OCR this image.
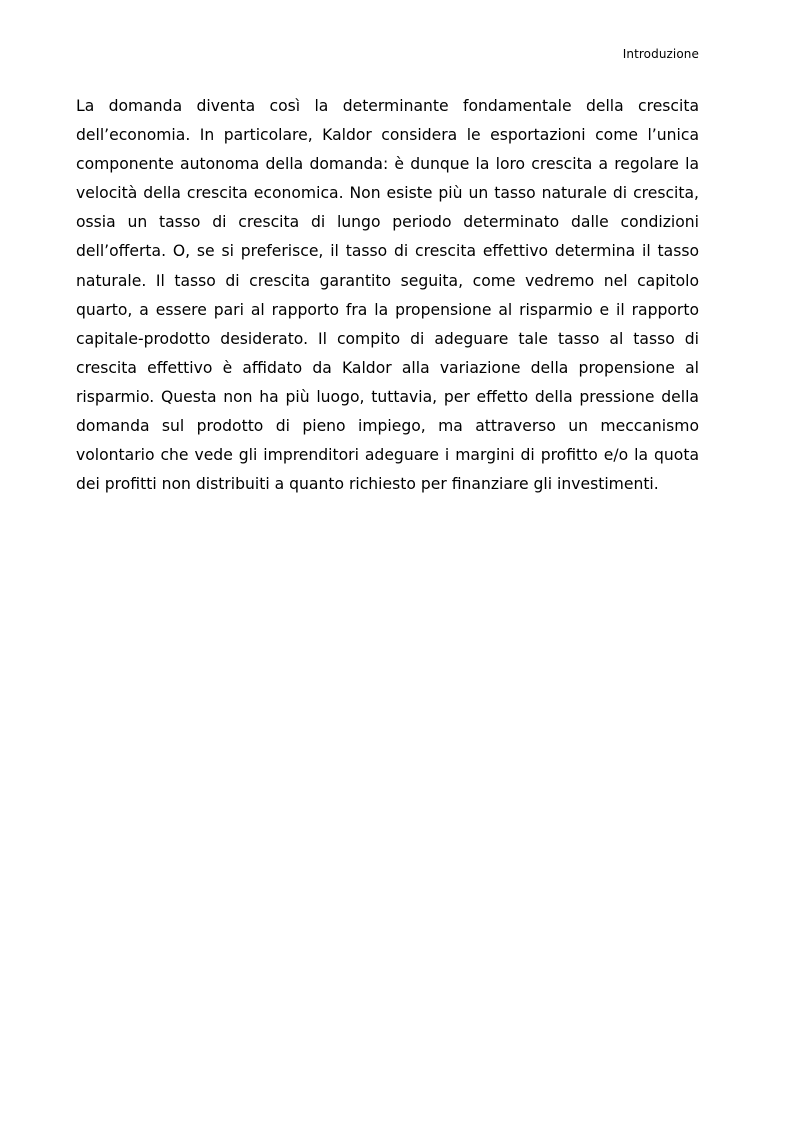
Introduzione

La domanda diventa così la determinante fondamentale della crescita dell’economia. In particolare, Kaldor considera le esportazioni come l’unica componente autonoma della domanda: è dunque la loro crescita a regolare la velocità della crescita economica. Non esiste più un tasso naturale di crescita, ossia un tasso di crescita di lungo periodo determinato dalle condizioni dell’offerta. O, se si preferisce, il tasso di crescita effettivo determina il tasso naturale. Il tasso di crescita garantito seguita, come vedremo nel capitolo quarto, a essere pari al rapporto fra la propensione al risparmio e il rapporto capitale-prodotto desiderato. Il compito di adeguare tale tasso al tasso di crescita effettivo è affidato da Kaldor alla variazione della propensione al risparmio. Questa non ha più luogo, tuttavia, per effetto della pressione della domanda sul prodotto di pieno impiego, ma attraverso un meccanismo volontario che vede gli imprenditori adeguare i margini di profitto e/o la quota dei profitti non distribuiti a quanto richiesto per finanziare gli investimenti.
